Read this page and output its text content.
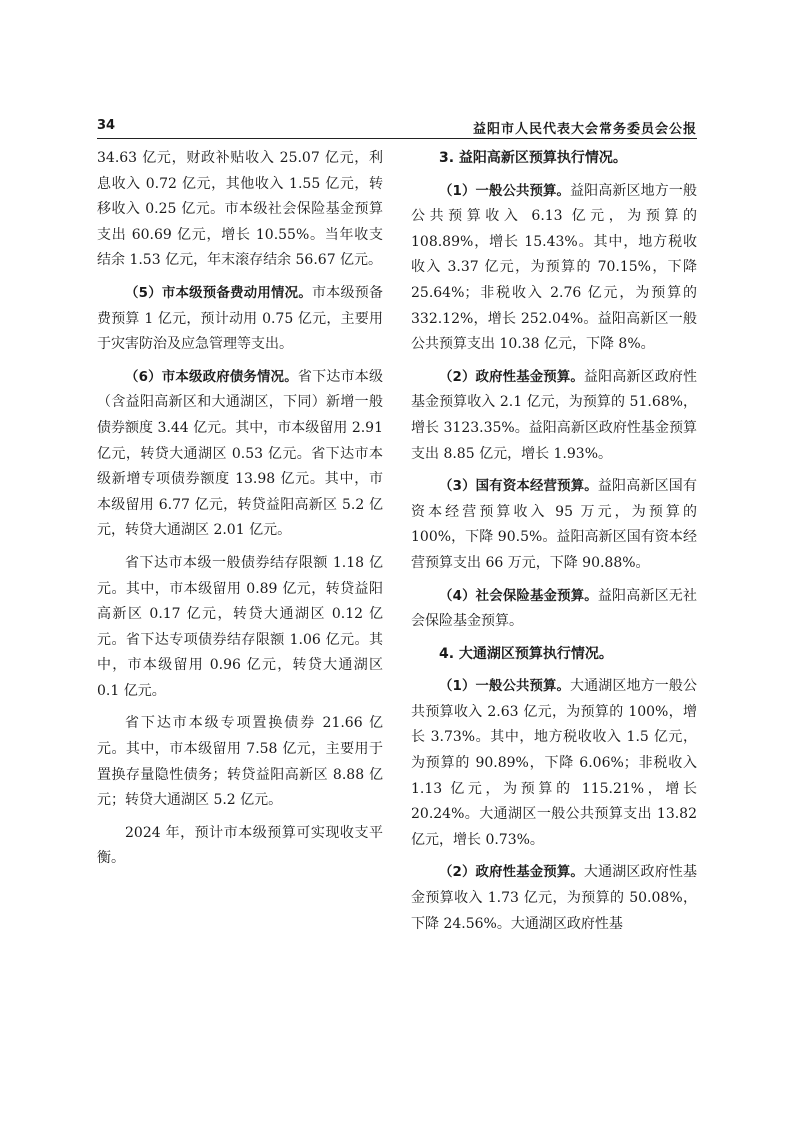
34	益阳市人民代表大会常务委员会公报

34.63 亿元，财政补贴收入 25.07 亿元，利息收入 0.72 亿元，其他收入 1.55 亿元，转移收入 0.25 亿元。市本级社会保险基金预算支出 60.69 亿元，增长 10.55%。当年收支结余 1.53 亿元，年末滚存结余 56.67 亿元。

（5）市本级预备费动用情况。市本级预备费预算 1 亿元，预计动用 0.75 亿元，主要用于灾害防治及应急管理等支出。

（6）市本级政府债务情况。省下达市本级（含益阳高新区和大通湖区，下同）新增一般债券额度 3.44 亿元。其中，市本级留用 2.91 亿元，转贷大通湖区 0.53 亿元。省下达市本级新增专项债券额度 13.98 亿元。其中，市本级留用 6.77 亿元，转贷益阳高新区 5.2 亿元，转贷大通湖区 2.01 亿元。

省下达市本级一般债券结存限额 1.18 亿元。其中，市本级留用 0.89 亿元，转贷益阳高新区 0.17 亿元，转贷大通湖区 0.12 亿元。省下达专项债券结存限额 1.06 亿元。其中，市本级留用 0.96 亿元，转贷大通湖区 0.1 亿元。

省下达市本级专项置换债券 21.66 亿元。其中，市本级留用 7.58 亿元，主要用于置换存量隐性债务；转贷益阳高新区 8.88 亿元；转贷大通湖区 5.2 亿元。

2024 年，预计市本级预算可实现收支平衡。

3. 益阳高新区预算执行情况。

（1）一般公共预算。益阳高新区地方一般公共预算收入 6.13 亿元，为预算的 108.89%，增长 15.43%。其中，地方税收收入 3.37 亿元，为预算的 70.15%，下降 25.64%；非税收入 2.76 亿元，为预算的 332.12%，增长 252.04%。益阳高新区一般公共预算支出 10.38 亿元，下降 8%。

（2）政府性基金预算。益阳高新区政府性基金预算收入 2.1 亿元，为预算的 51.68%，增长 3123.35%。益阳高新区政府性基金预算支出 8.85 亿元，增长 1.93%。

（3）国有资本经营预算。益阳高新区国有资本经营预算收入 95 万元，为预算的 100%，下降 90.5%。益阳高新区国有资本经营预算支出 66 万元，下降 90.88%。

（4）社会保险基金预算。益阳高新区无社会保险基金预算。

4. 大通湖区预算执行情况。

（1）一般公共预算。大通湖区地方一般公共预算收入 2.63 亿元，为预算的 100%，增长 3.73%。其中，地方税收收入 1.5 亿元，为预算的 90.89%，下降 6.06%；非税收入 1.13 亿元，为预算的 115.21%，增长 20.24%。大通湖区一般公共预算支出 13.82 亿元，增长 0.73%。

（2）政府性基金预算。大通湖区政府性基金预算收入 1.73 亿元，为预算的 50.08%，下降 24.56%。大通湖区政府性基
